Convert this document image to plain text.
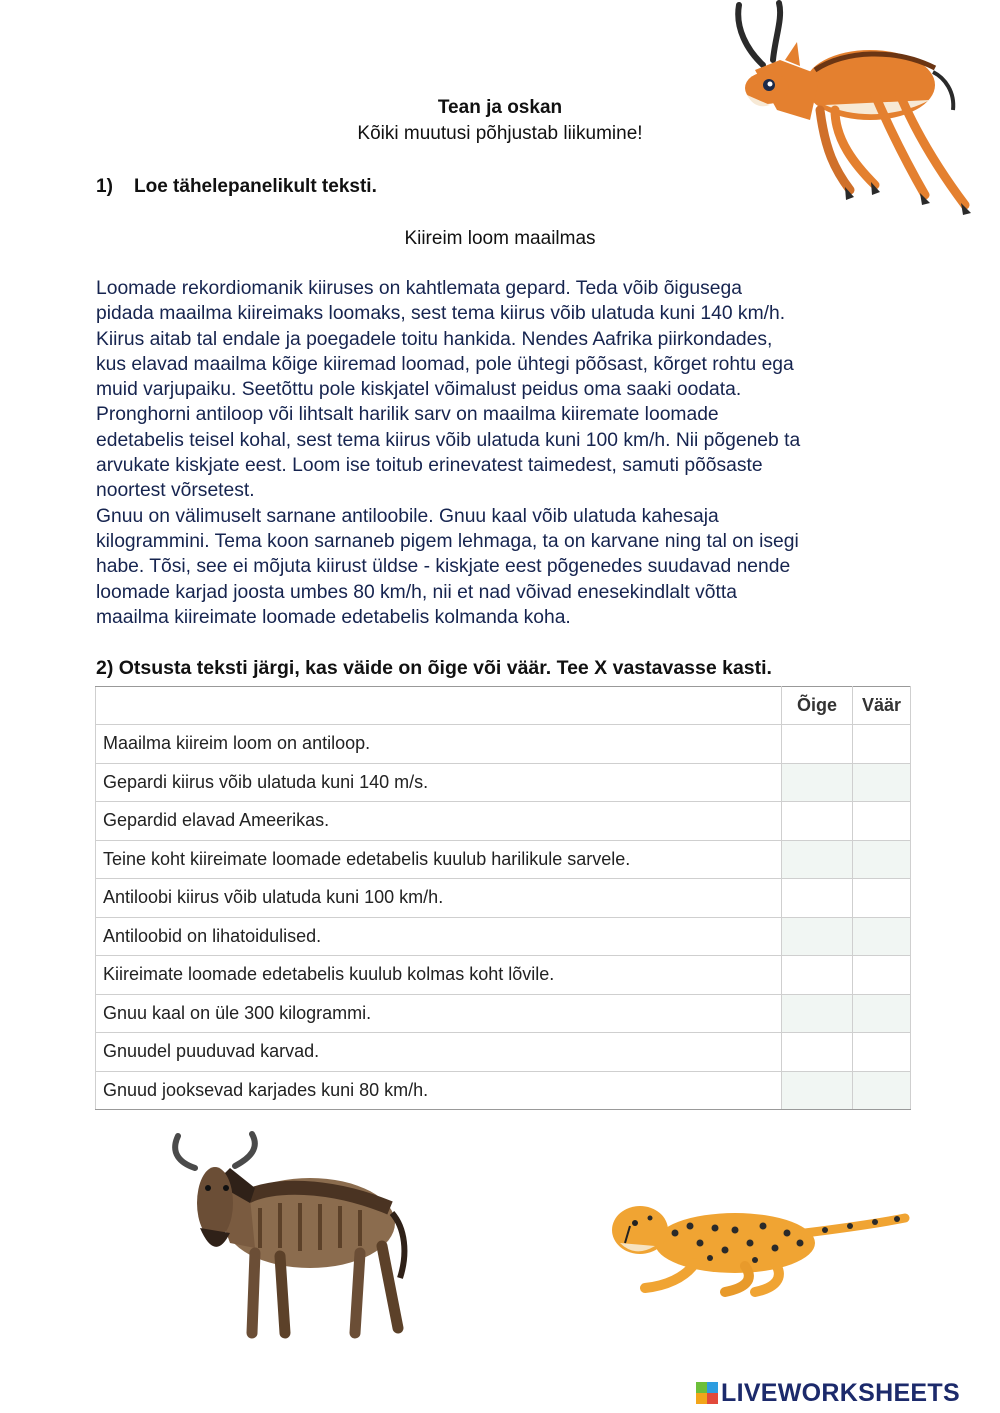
Tean ja oskan
Kõiki muutusi põhjustab liikumine!
1) Loe tähelepanelikult teksti.
Kiireim loom maailmas
Loomade rekordiomanik kiiruses on kahtlemata gepard. Teda võib õigusega
pidada maailma kiireimaks loomaks, sest tema kiirus võib ulatuda kuni 140 km/h.
Kiirus aitab tal endale ja poegadele toitu hankida. Nendes Aafrika piirkondades,
kus elavad maailma kõige kiiremad loomad, pole ühtegi põõsast, kõrget rohtu ega
muid varjupaiku. Seetõttu pole kiskjatel võimalust peidus oma saaki oodata.
Pronghorni antiloop või lihtsalt harilik sarv on maailma kiiremate loomade
edetabelis teisel kohal, sest tema kiirus võib ulatuda kuni 100 km/h. Nii põgeneb ta
arvukate kiskjate eest. Loom ise toitub erinevatest taimedest, samuti põõsaste
noortest võrsetest.
Gnuu on välimuselt sarnane antiloobile. Gnuu kaal võib ulatuda kahesaja
kilogrammini. Tema koon sarnaneb pigem lehmaga, ta on karvane ning tal on isegi
habe. Tõsi, see ei mõjuta kiirust üldse - kiskjate eest põgenedes suudavad nende
loomade karjad joosta umbes 80 km/h, nii et nad võivad enesekindlalt võtta
maailma kiireimate loomade edetabelis kolmanda koha.
2) Otsusta teksti järgi, kas väide on õige või väär. Tee X vastavasse kasti.
	Õige	Väär
Maailma kiireim loom on antiloop.		
Gepardi kiirus võib ulatuda kuni 140 m/s.		
Gepardid elavad Ameerikas.		
Teine koht kiireimate loomade edetabelis kuulub harilikule sarvele.		
Antiloobi kiirus võib ulatuda kuni 100 km/h.		
Antiloobid on lihatoidulised.		
Kiireimate loomade edetabelis kuulub kolmas koht lõvile.		
Gnuu kaal on üle 300 kilogrammi.		
Gnuudel puuduvad karvad.		
Gnuud jooksevad karjades kuni 80 km/h.		
LIVEWORKSHEETS
